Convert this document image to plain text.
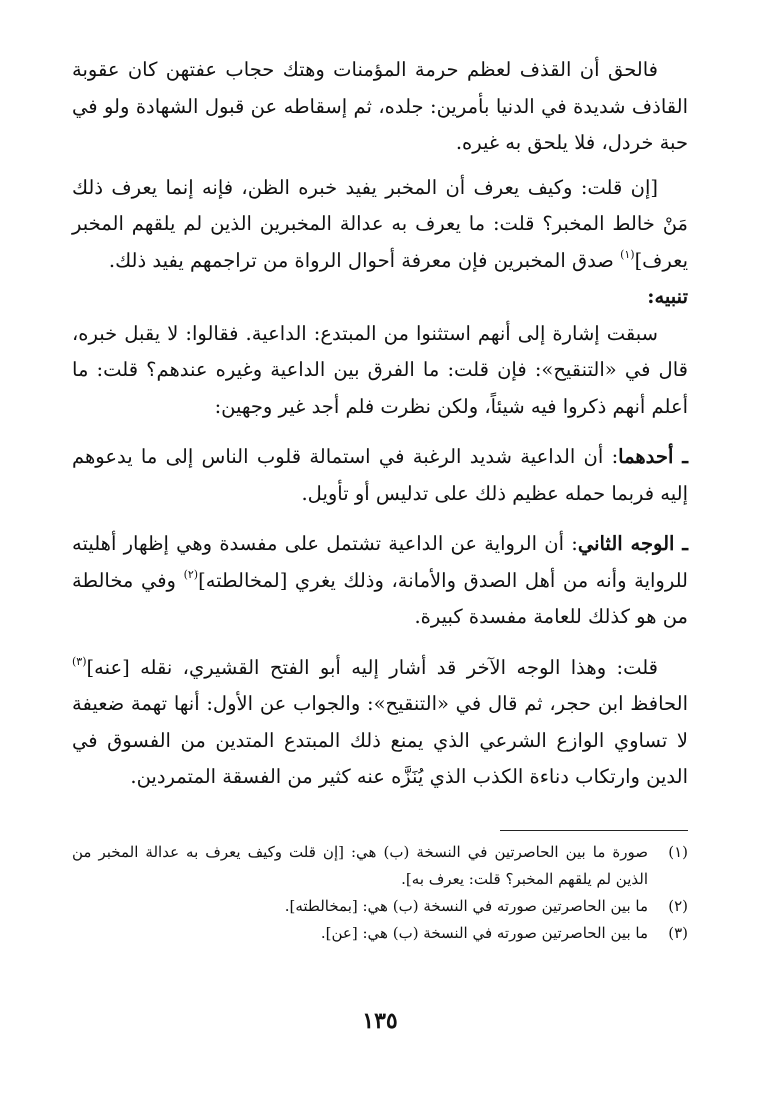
فالحق أن القذف لعظم حرمة المؤمنات وهتك حجاب عفتهن كان عقوبة القاذف شديدة في الدنيا بأمرين: جلده، ثم إسقاطه عن قبول الشهادة ولو في حبة خردل، فلا يلحق به غيره.

[إن قلت: وكيف يعرف أن المخبر يفيد خبره الظن، فإنه إنما يعرف ذلك مَنْ خالط المخبر؟ قلت: ما يعرف به عدالة المخبرين الذين لم يلقهم المخبر يعرف]$^{(١)}$ صدق المخبرين فإن معرفة أحوال الرواة من تراجمهم يفيد ذلك.

تنبيه:

سبقت إشارة إلى أنهم استثنوا من المبتدع: الداعية. فقالوا: لا يقبل خبره، قال في «التنقيح»: فإن قلت: ما الفرق بين الداعية وغيره عندهم؟ قلت: ما أعلم أنهم ذكروا فيه شيئاً، ولكن نظرت فلم أجد غير وجهين:

ـ أحدهما: أن الداعية شديد الرغبة في استمالة قلوب الناس إلى ما يدعوهم إليه فربما حمله عظيم ذلك على تدليس أو تأويل.

ـ الوجه الثاني: أن الرواية عن الداعية تشتمل على مفسدة وهي إظهار أهليته للرواية وأنه من أهل الصدق والأمانة، وذلك يغري [لمخالطته]$^{(٢)}$ وفي مخالطة من هو كذلك للعامة مفسدة كبيرة.

قلت: وهذا الوجه الآخر قد أشار إليه أبو الفتح القشيري، نقله [عنه]$^{(٣)}$ الحافظ ابن حجر، ثم قال في «التنقيح»: والجواب عن الأول: أنها تهمة ضعيفة لا تساوي الوازع الشرعي الذي يمنع ذلك المبتدع المتدين من الفسوق في الدين وارتكاب دناءة الكذب الذي يُنَزَّه عنه كثير من الفسقة المتمردين.

(١)
صورة ما بين الحاصرتين في النسخة (ب) هي: [إن قلت وكيف يعرف به عدالة المخبر من الذين لم يلقهم المخبر؟ قلت: يعرف به].
(٢)
ما بين الحاصرتين صورته في النسخة (ب) هي: [بمخالطته].
(٣)
ما بين الحاصرتين صورته في النسخة (ب) هي: [عن].
١٣٥
